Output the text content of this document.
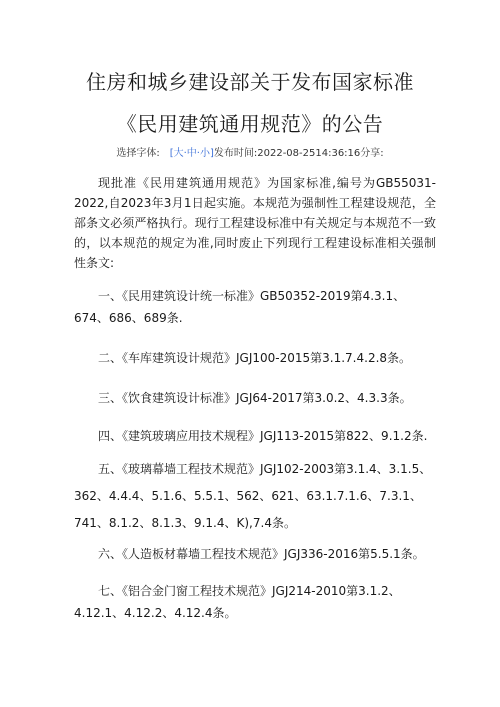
住房和城乡建设部关于发布国家标准
《民用建筑通用规范》的公告
选择字体: [大·中·小]发布时间:2022-08-2514:36:16分享:
现批准《民用建筑通用规范》为国家标准,编号为GB55031-2022,自2023年3月1日起实施。本规范为强制性工程建设规范，全部条文必须严格执行。现行工程建设标准中有关规定与本规范不一致的，以本规范的规定为准,同时废止下列现行工程建设标准相关强制性条文:
一、《民用建筑设计统一标准》GB50352-2019第4.3.1、674、686、689条.
二、《车库建筑设计规范》JGJ100-2015第3.1.7.4.2.8条。
三、《饮食建筑设计标准》JGJ64-2017第3.0.2、4.3.3条。
四、《建筑玻璃应用技术规程》JGJ113-2015第822、9.1.2条.
五、《玻璃幕墙工程技术规范》JGJ102-2003第3.1.4、3.1.5、362、4.4.4、5.1.6、5.5.1、562、621、63.1.7.1.6、7.3.1、741、8.1.2、8.1.3、9.1.4、K),7.4条。
六、《人造板材幕墙工程技术规范》JGJ336-2016第5.5.1条。
七、《铝合金门窗工程技术规范》JGJ214-2010第3.1.2、4.12.1、4.12.2、4.12.4条。
